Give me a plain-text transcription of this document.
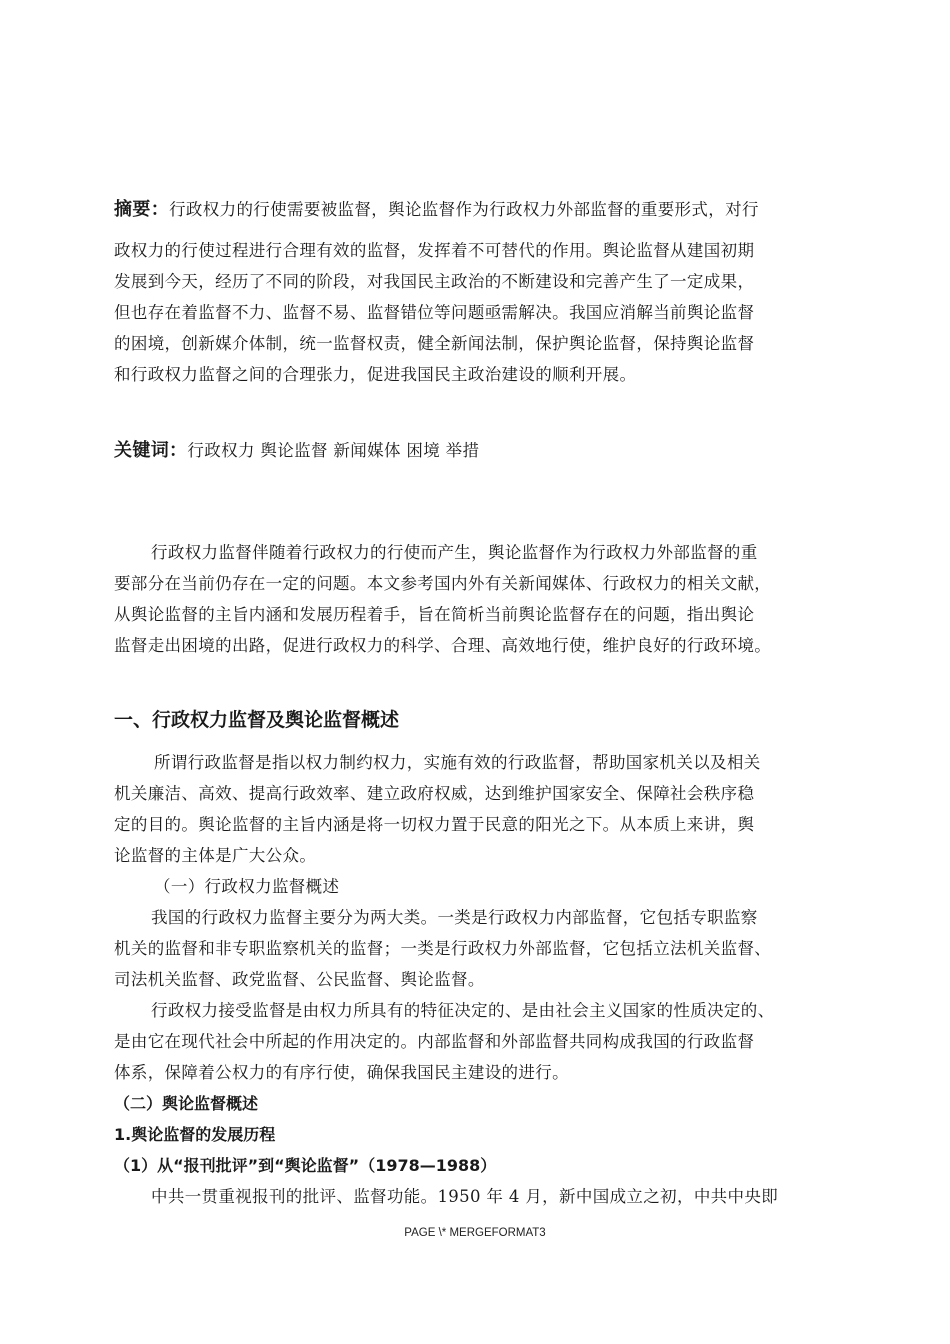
摘要：行政权力的行使需要被监督，舆论监督作为行政权力外部监督的重要形式，对行
政权力的行使过程进行合理有效的监督，发挥着不可替代的作用。舆论监督从建国初期
发展到今天，经历了不同的阶段，对我国民主政治的不断建设和完善产生了一定成果，
但也存在着监督不力、监督不易、监督错位等问题亟需解决。我国应消解当前舆论监督
的困境，创新媒介体制，统一监督权责，健全新闻法制，保护舆论监督，保持舆论监督
和行政权力监督之间的合理张力，促进我国民主政治建设的顺利开展。
关键词：行政权力 舆论监督 新闻媒体 困境 举措
行政权力监督伴随着行政权力的行使而产生，舆论监督作为行政权力外部监督的重
要部分在当前仍存在一定的问题。本文参考国内外有关新闻媒体、行政权力的相关文献，
从舆论监督的主旨内涵和发展历程着手，旨在简析当前舆论监督存在的问题，指出舆论
监督走出困境的出路，促进行政权力的科学、合理、高效地行使，维护良好的行政环境。
一、行政权力监督及舆论监督概述
所谓行政监督是指以权力制约权力，实施有效的行政监督，帮助国家机关以及相关
机关廉洁、高效、提高行政效率、建立政府权威，达到维护国家安全、保障社会秩序稳
定的目的。舆论监督的主旨内涵是将一切权力置于民意的阳光之下。从本质上来讲，舆
论监督的主体是广大公众。
（一）行政权力监督概述
我国的行政权力监督主要分为两大类。一类是行政权力内部监督，它包括专职监察
机关的监督和非专职监察机关的监督；一类是行政权力外部监督，它包括立法机关监督、
司法机关监督、政党监督、公民监督、舆论监督。
行政权力接受监督是由权力所具有的特征决定的、是由社会主义国家的性质决定的、
是由它在现代社会中所起的作用决定的。内部监督和外部监督共同构成我国的行政监督
体系，保障着公权力的有序行使，确保我国民主建设的进行。
（二）舆论监督概述
1.舆论监督的发展历程
（1）从“报刊批评”到“舆论监督”（1978—1988）
中共一贯重视报刊的批评、监督功能。1950 年 4 月，新中国成立之初，中共中央即
PAGE \* MERGEFORMAT3
